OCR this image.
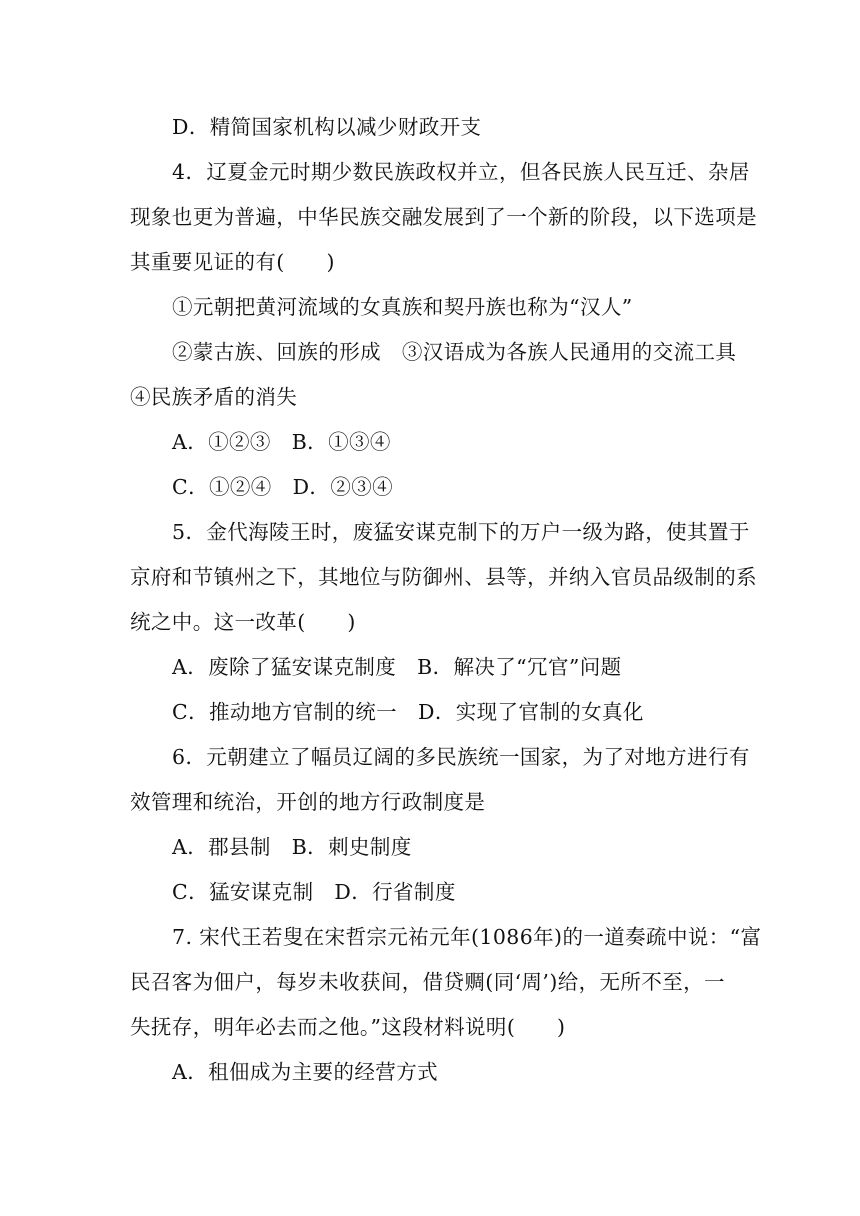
D．精简国家机构以减少财政开支
4．辽夏金元时期少数民族政权并立，但各民族人民互迁、杂居
现象也更为普遍，中华民族交融发展到了一个新的阶段，以下选项是
其重要见证的有(　　)
①元朝把黄河流域的女真族和契丹族也称为“汉人”
②蒙古族、回族的形成　③汉语成为各族人民通用的交流工具
④民族矛盾的消失
A．①②③　B．①③④
C．①②④　D．②③④
5．金代海陵王时，废猛安谋克制下的万户一级为路，使其置于
京府和节镇州之下，其地位与防御州、县等，并纳入官员品级制的系
统之中。这一改革(　　)
A．废除了猛安谋克制度　B．解决了“冗官”问题
C．推动地方官制的统一　D．实现了官制的女真化
6．元朝建立了幅员辽阔的多民族统一国家，为了对地方进行有
效管理和统治，开创的地方行政制度是
A．郡县制　B．刺史制度
C．猛安谋克制　D．行省制度
7. 宋代王若叟在宋哲宗元祐元年(1086年)的一道奏疏中说：“富
民召客为佃户，每岁未收获间，借贷赒(同‘周’)给，无所不至，一
失抚存，明年必去而之他。”这段材料说明(　　)
A．租佃成为主要的经营方式
